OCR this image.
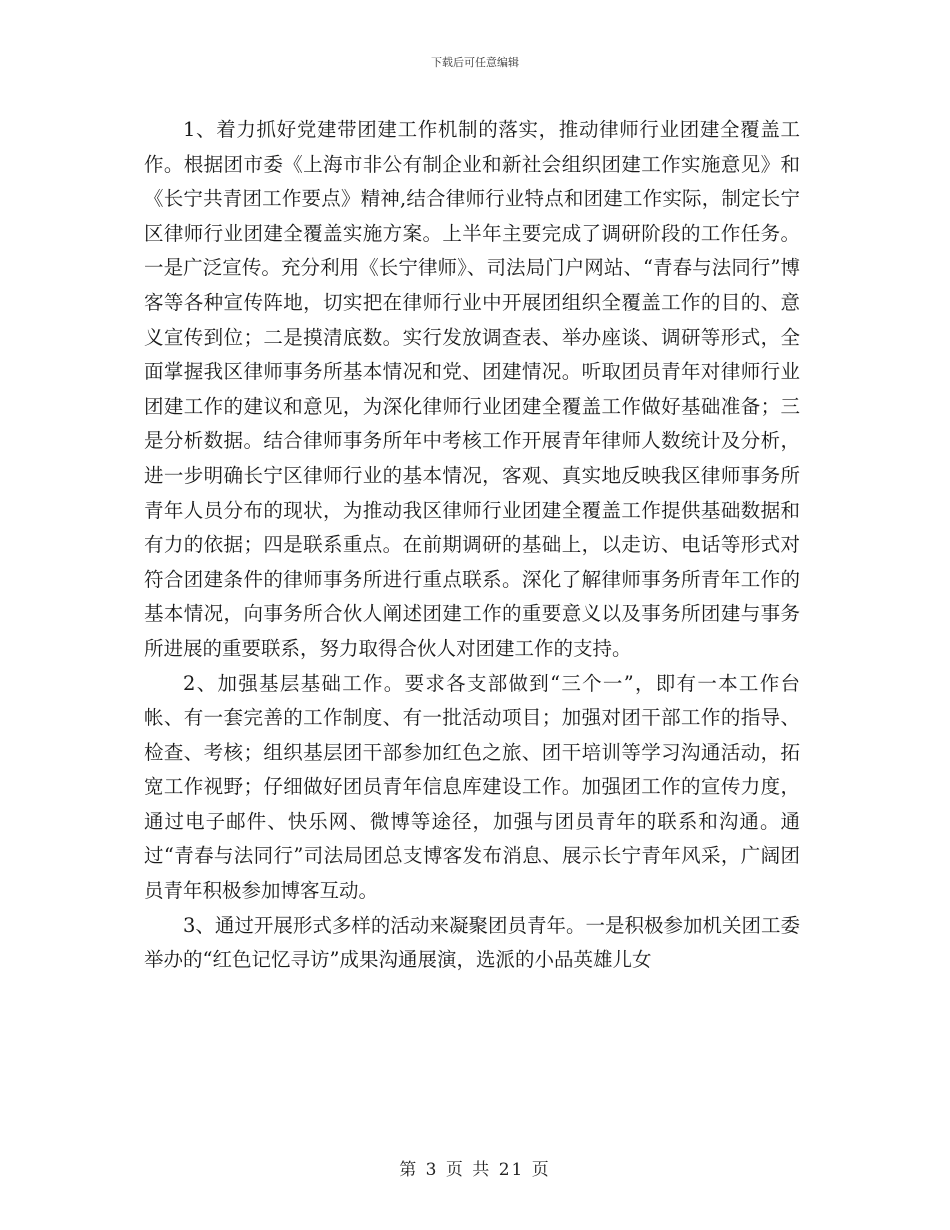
下载后可任意编辑

1、着力抓好党建带团建工作机制的落实，推动律师行业团建全覆盖工作。根据团市委《上海市非公有制企业和新社会组织团建工作实施意见》和《长宁共青团工作要点》精神,结合律师行业特点和团建工作实际，制定长宁区律师行业团建全覆盖实施方案。上半年主要完成了调研阶段的工作任务。一是广泛宣传。充分利用《长宁律师》、司法局门户网站、“青春与法同行”博客等各种宣传阵地，切实把在律师行业中开展团组织全覆盖工作的目的、意义宣传到位；二是摸清底数。实行发放调查表、举办座谈、调研等形式，全面掌握我区律师事务所基本情况和党、团建情况。听取团员青年对律师行业团建工作的建议和意见，为深化律师行业团建全覆盖工作做好基础准备；三是分析数据。结合律师事务所年中考核工作开展青年律师人数统计及分析，进一步明确长宁区律师行业的基本情况，客观、真实地反映我区律师事务所青年人员分布的现状，为推动我区律师行业团建全覆盖工作提供基础数据和有力的依据；四是联系重点。在前期调研的基础上，以走访、电话等形式对符合团建条件的律师事务所进行重点联系。深化了解律师事务所青年工作的基本情况，向事务所合伙人阐述团建工作的重要意义以及事务所团建与事务所进展的重要联系，努力取得合伙人对团建工作的支持。

2、加强基层基础工作。要求各支部做到“三个一”，即有一本工作台帐、有一套完善的工作制度、有一批活动项目；加强对团干部工作的指导、检查、考核；组织基层团干部参加红色之旅、团干培训等学习沟通活动，拓宽工作视野；仔细做好团员青年信息库建设工作。加强团工作的宣传力度，通过电子邮件、快乐网、微博等途径，加强与团员青年的联系和沟通。通过“青春与法同行”司法局团总支博客发布消息、展示长宁青年风采，广阔团员青年积极参加博客互动。

3、通过开展形式多样的活动来凝聚团员青年。一是积极参加机关团工委举办的“红色记忆寻访”成果沟通展演，选派的小品英雄儿女

第 3 页 共 21 页
